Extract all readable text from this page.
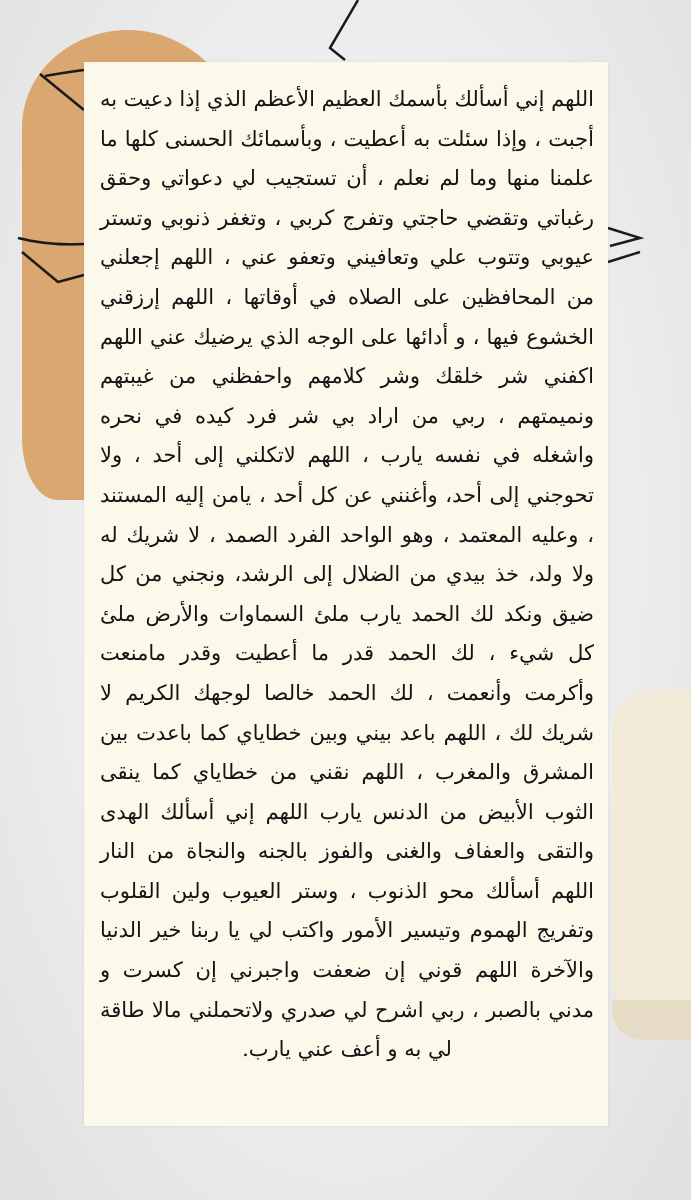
اللهم إني أسألك بأسمك العظيم الأعظم الذي إذا دعيت به أجبت ، وإذا سئلت به أعطيت ، وبأسمائك الحسنى كلها ما علمنا منها وما لم نعلم ، أن تستجيب لي دعواتي وحقق رغباتي وتقضي حاجتي وتفرج كربي ، وتغفر ذنوبي وتستر عيوبي وتتوب علي وتعافيني وتعفو عني ، اللهم إجعلني من المحافظين على الصلاه في أوقاتها ، اللهم إرزقني الخشوع فيها ، و أدائها على الوجه الذي يرضيك عني اللهم اكفني شر خلقك وشر كلامهم واحفظني من غيبتهم ونميمتهم ، ربي من اراد بي شر فرد كيده في نحره واشغله في نفسه يارب ، اللهم لاتكلني إلى أحد ، ولا تحوجني إلى أحد، وأغنني عن كل أحد ، يامن إليه المستند ، وعليه المعتمد ، وهو الواحد الفرد الصمد ، لا شريك له ولا ولد، خذ بيدي من الضلال إلى الرشد، ونجني من كل ضيق ونكد لك الحمد يارب ملئ السماوات والأرض ملئ كل شيء ، لك الحمد قدر ما أعطيت وقدر مامنعت وأكرمت وأنعمت ، لك الحمد خالصا لوجهك الكريم لا شريك لك ، اللهم باعد بيني وبين خطاياي كما باعدت بين المشرق والمغرب ، اللهم نقني من خطاياي كما ينقى الثوب الأبيض من الدنس يارب اللهم إني أسألك الهدى والتقى والعفاف والغنى والفوز بالجنه والنجاة من النار اللهم أسألك محو الذنوب ، وستر العيوب ولين القلوب وتفريج الهموم وتيسير الأمور واكتب لي يا ربنا خير الدنيا والآخرة اللهم قوني إن ضعفت واجبرني إن كسرت و مدني بالصبر ، ربي اشرح لي صدري ولاتحملني مالا طاقة لي به و أعف عني يارب.
